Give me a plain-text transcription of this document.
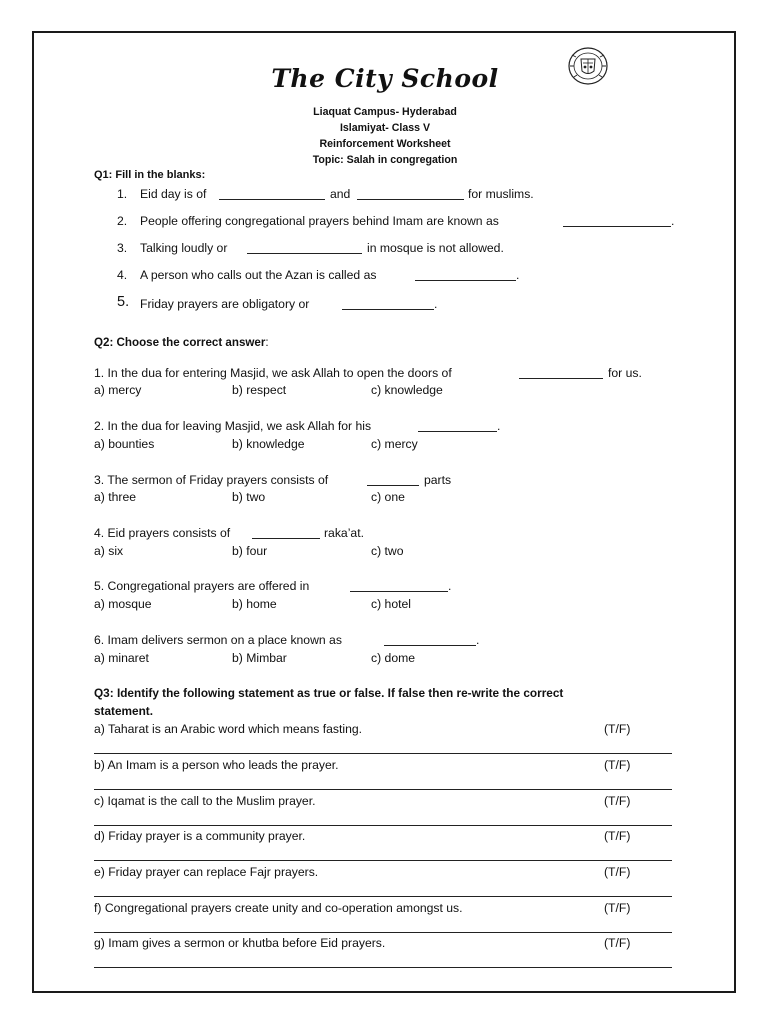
The City School
Liaquat Campus- Hyderabad
Islamiyat- Class V
Reinforcement Worksheet
Topic: Salah in congregation
Q1: Fill in the blanks:
1. Eid day is of	and	for muslims.
2. People offering congregational prayers behind Imam are known as	.
3. Talking loudly or	in mosque is not allowed.
4. A person who calls out the Azan is called as	.
5. Friday prayers are obligatory or	.
Q2: Choose the correct answer:
1. In the dua for entering Masjid, we ask Allah to open the doors of	for us.
a) mercy	b) respect	c) knowledge
2. In the dua for leaving Masjid, we ask Allah for his	.
a) bounties	b) knowledge	c) mercy
3. The sermon of Friday prayers consists of	parts
a) three	b) two	c) one
4. Eid prayers consists of	raka’at.
a) six	b) four	c) two
5. Congregational prayers are offered in	.
a) mosque	b) home	c) hotel
6. Imam delivers sermon on a place known as	.
a) minaret	b) Mimbar	c) dome
Q3: Identify the following statement as true or false. If false then re-write the correct
statement.
a) Taharat is an Arabic word which means fasting.	(T/F)
b) An Imam is a person who leads the prayer.	(T/F)
c) Iqamat is the call to the Muslim prayer.	(T/F)
d) Friday prayer is a community prayer.	(T/F)
e) Friday prayer can replace Fajr prayers.	(T/F)
f) Congregational prayers create unity and co-operation amongst us.	(T/F)
g) Imam gives a sermon or khutba before Eid prayers.	(T/F)
